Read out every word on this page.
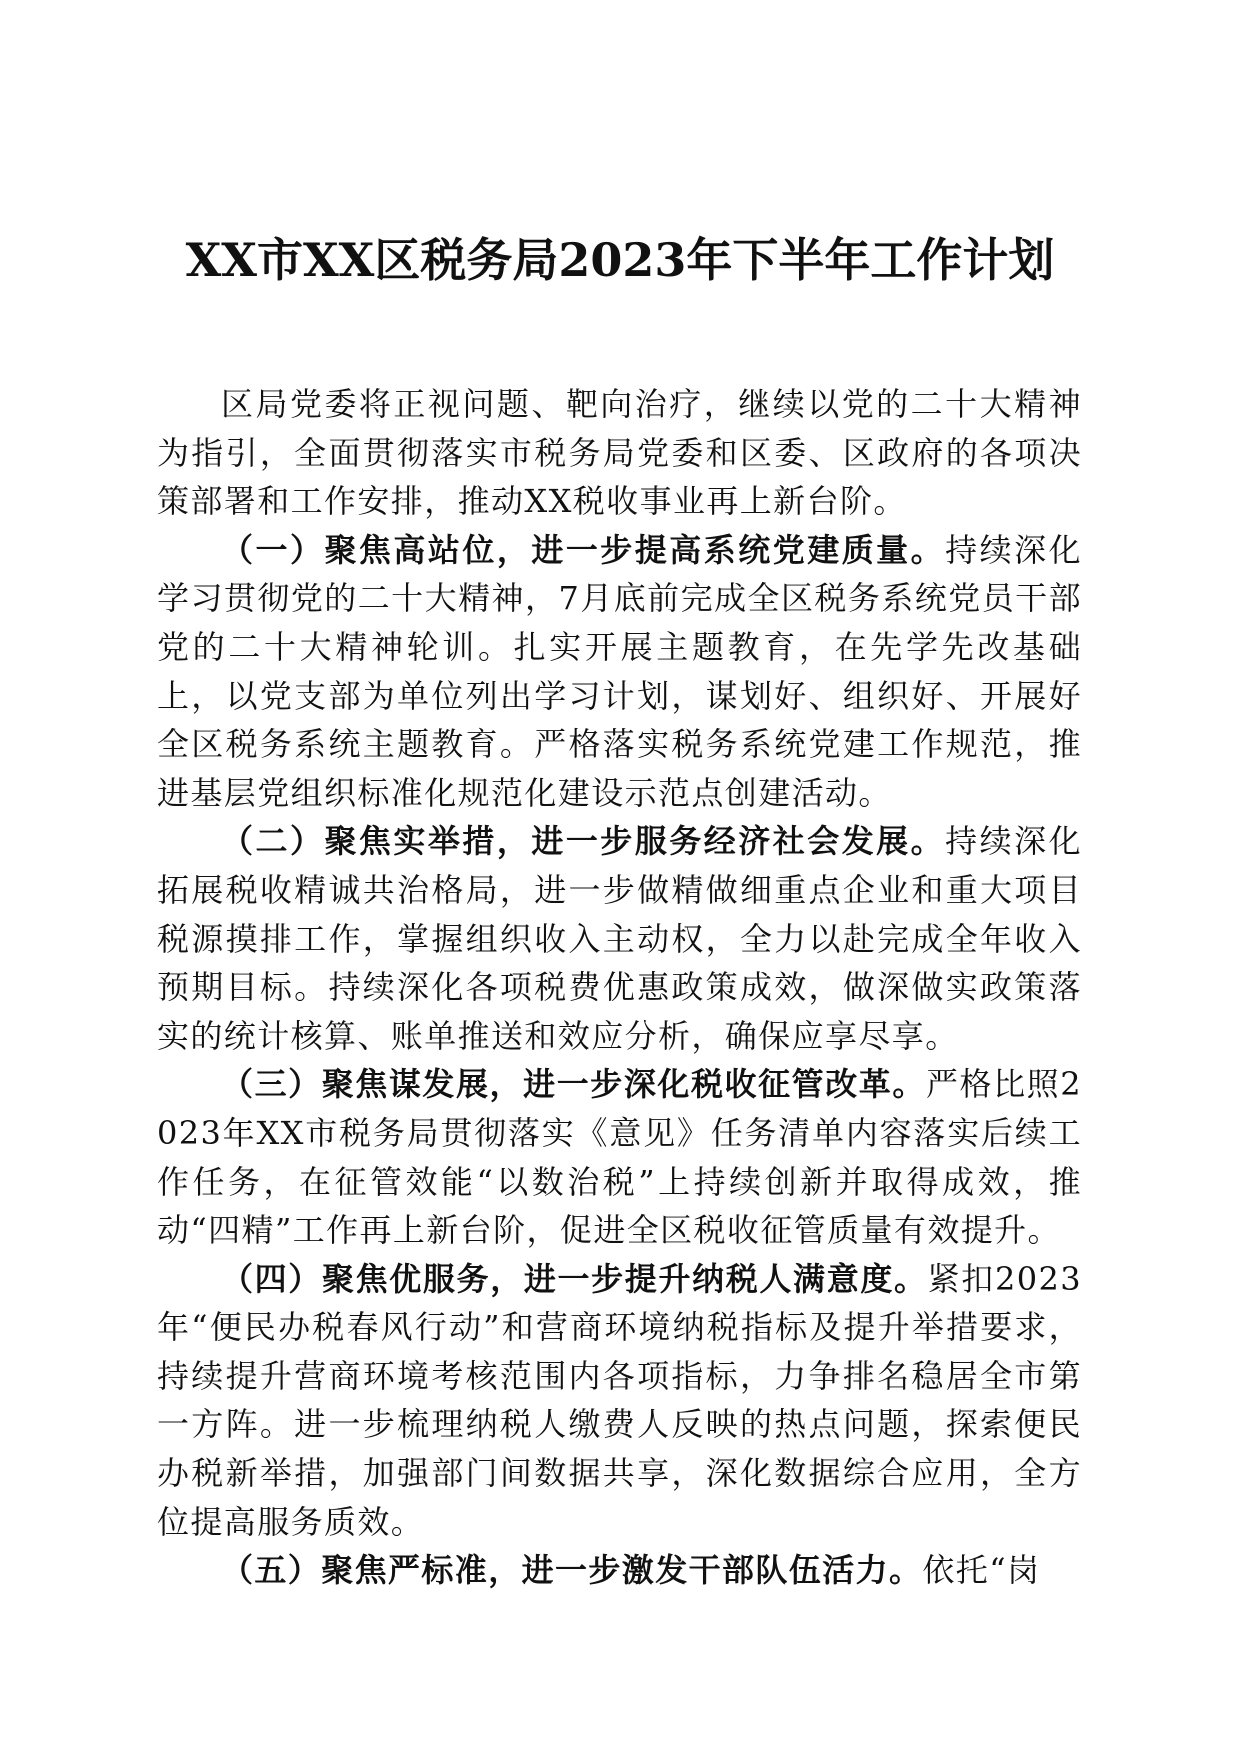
XX市XX区税务局2023年下半年工作计划

区局党委将正视问题、靶向治疗，继续以党的二十大精神为指引，全面贯彻落实市税务局党委和区委、区政府的各项决策部署和工作安排，推动XX税收事业再上新台阶。

（一）聚焦高站位，进一步提高系统党建质量。持续深化学习贯彻党的二十大精神，7月底前完成全区税务系统党员干部党的二十大精神轮训。扎实开展主题教育，在先学先改基础上，以党支部为单位列出学习计划，谋划好、组织好、开展好全区税务系统主题教育。严格落实税务系统党建工作规范，推进基层党组织标准化规范化建设示范点创建活动。

（二）聚焦实举措，进一步服务经济社会发展。持续深化拓展税收精诚共治格局，进一步做精做细重点企业和重大项目税源摸排工作，掌握组织收入主动权，全力以赴完成全年收入预期目标。持续深化各项税费优惠政策成效，做深做实政策落实的统计核算、账单推送和效应分析，确保应享尽享。

（三）聚焦谋发展，进一步深化税收征管改革。严格比照2023年XX市税务局贯彻落实《意见》任务清单内容落实后续工作任务，在征管效能“以数治税”上持续创新并取得成效，推动“四精”工作再上新台阶，促进全区税收征管质量有效提升。

（四）聚焦优服务，进一步提升纳税人满意度。紧扣2023年“便民办税春风行动”和营商环境纳税指标及提升举措要求，持续提升营商环境考核范围内各项指标，力争排名稳居全市第一方阵。进一步梳理纳税人缴费人反映的热点问题，探索便民办税新举措，加强部门间数据共享，深化数据综合应用，全方位提高服务质效。

（五）聚焦严标准，进一步激发干部队伍活力。依托“岗
